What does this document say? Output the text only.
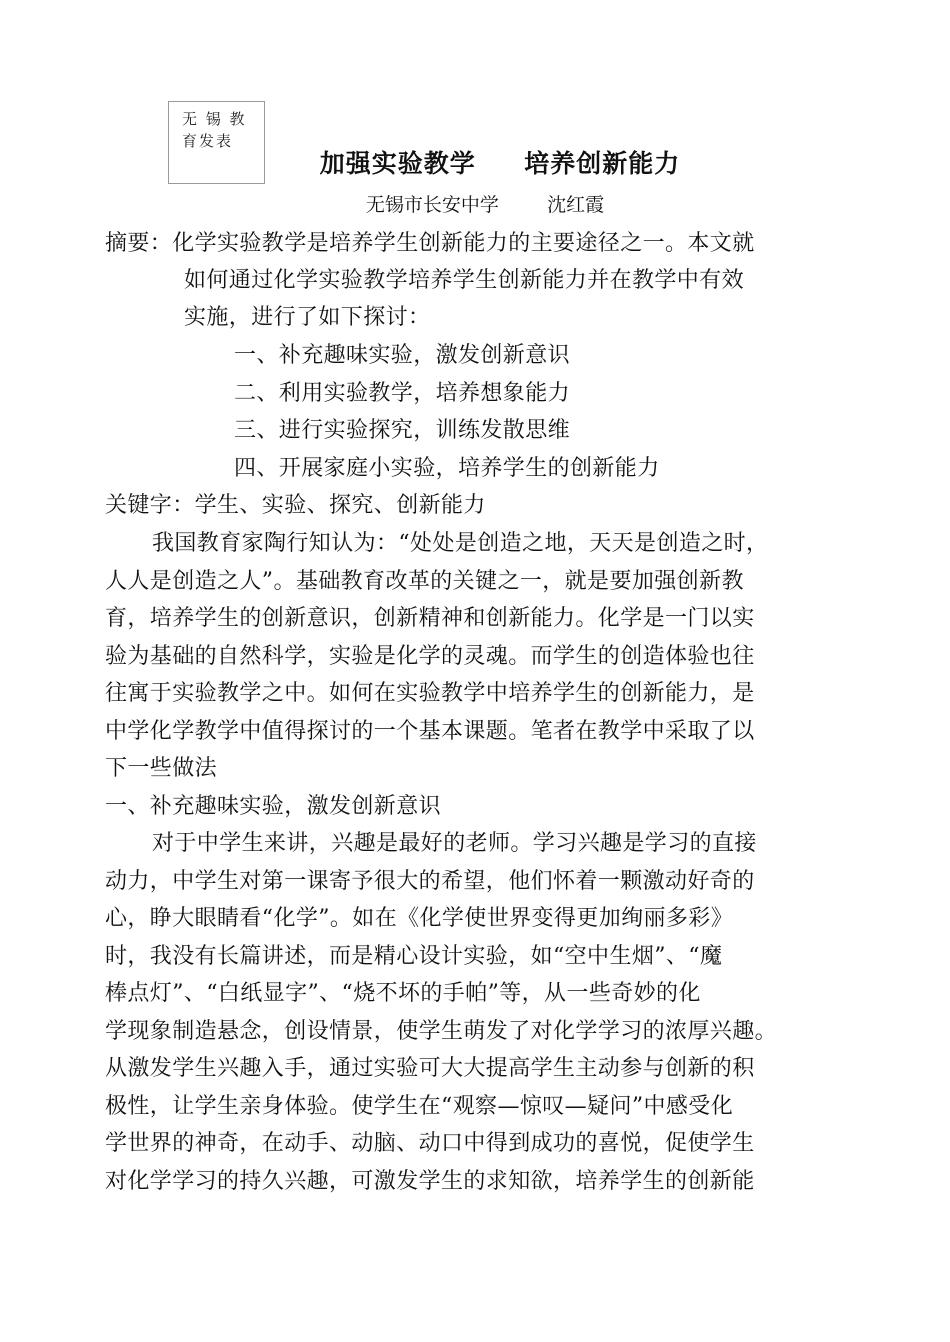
无 锡 教
育发表
加强实验教学     培养创新能力
无锡市长安中学        沈红霞
摘要：化学实验教学是培养学生创新能力的主要途径之一。本文就
如何通过化学实验教学培养学生创新能力并在教学中有效
实施，进行了如下探讨：
一、补充趣味实验，激发创新意识
二、利用实验教学，培养想象能力
三、进行实验探究，训练发散思维
四、开展家庭小实验，培养学生的创新能力
关键字：学生、实验、探究、创新能力
我国教育家陶行知认为：“处处是创造之地，天天是创造之时，
人人是创造之人”。基础教育改革的关键之一，就是要加强创新教
育，培养学生的创新意识，创新精神和创新能力。化学是一门以实
验为基础的自然科学，实验是化学的灵魂。而学生的创造体验也往
往寓于实验教学之中。如何在实验教学中培养学生的创新能力，是
中学化学教学中值得探讨的一个基本课题。笔者在教学中采取了以
下一些做法
一、补充趣味实验，激发创新意识
对于中学生来讲，兴趣是最好的老师。学习兴趣是学习的直接
动力，中学生对第一课寄予很大的希望，他们怀着一颗激动好奇的
心，睁大眼睛看“化学”。如在《化学使世界变得更加绚丽多彩》
时，我没有长篇讲述，而是精心设计实验，如“空中生烟”、“魔
棒点灯”、“白纸显字”、“烧不坏的手帕”等，从一些奇妙的化
学现象制造悬念，创设情景，使学生萌发了对化学学习的浓厚兴趣。
从激发学生兴趣入手，通过实验可大大提高学生主动参与创新的积
极性，让学生亲身体验。使学生在“观察—惊叹—疑问”中感受化
学世界的神奇，在动手、动脑、动口中得到成功的喜悦，促使学生
对化学学习的持久兴趣，可激发学生的求知欲，培养学生的创新能
